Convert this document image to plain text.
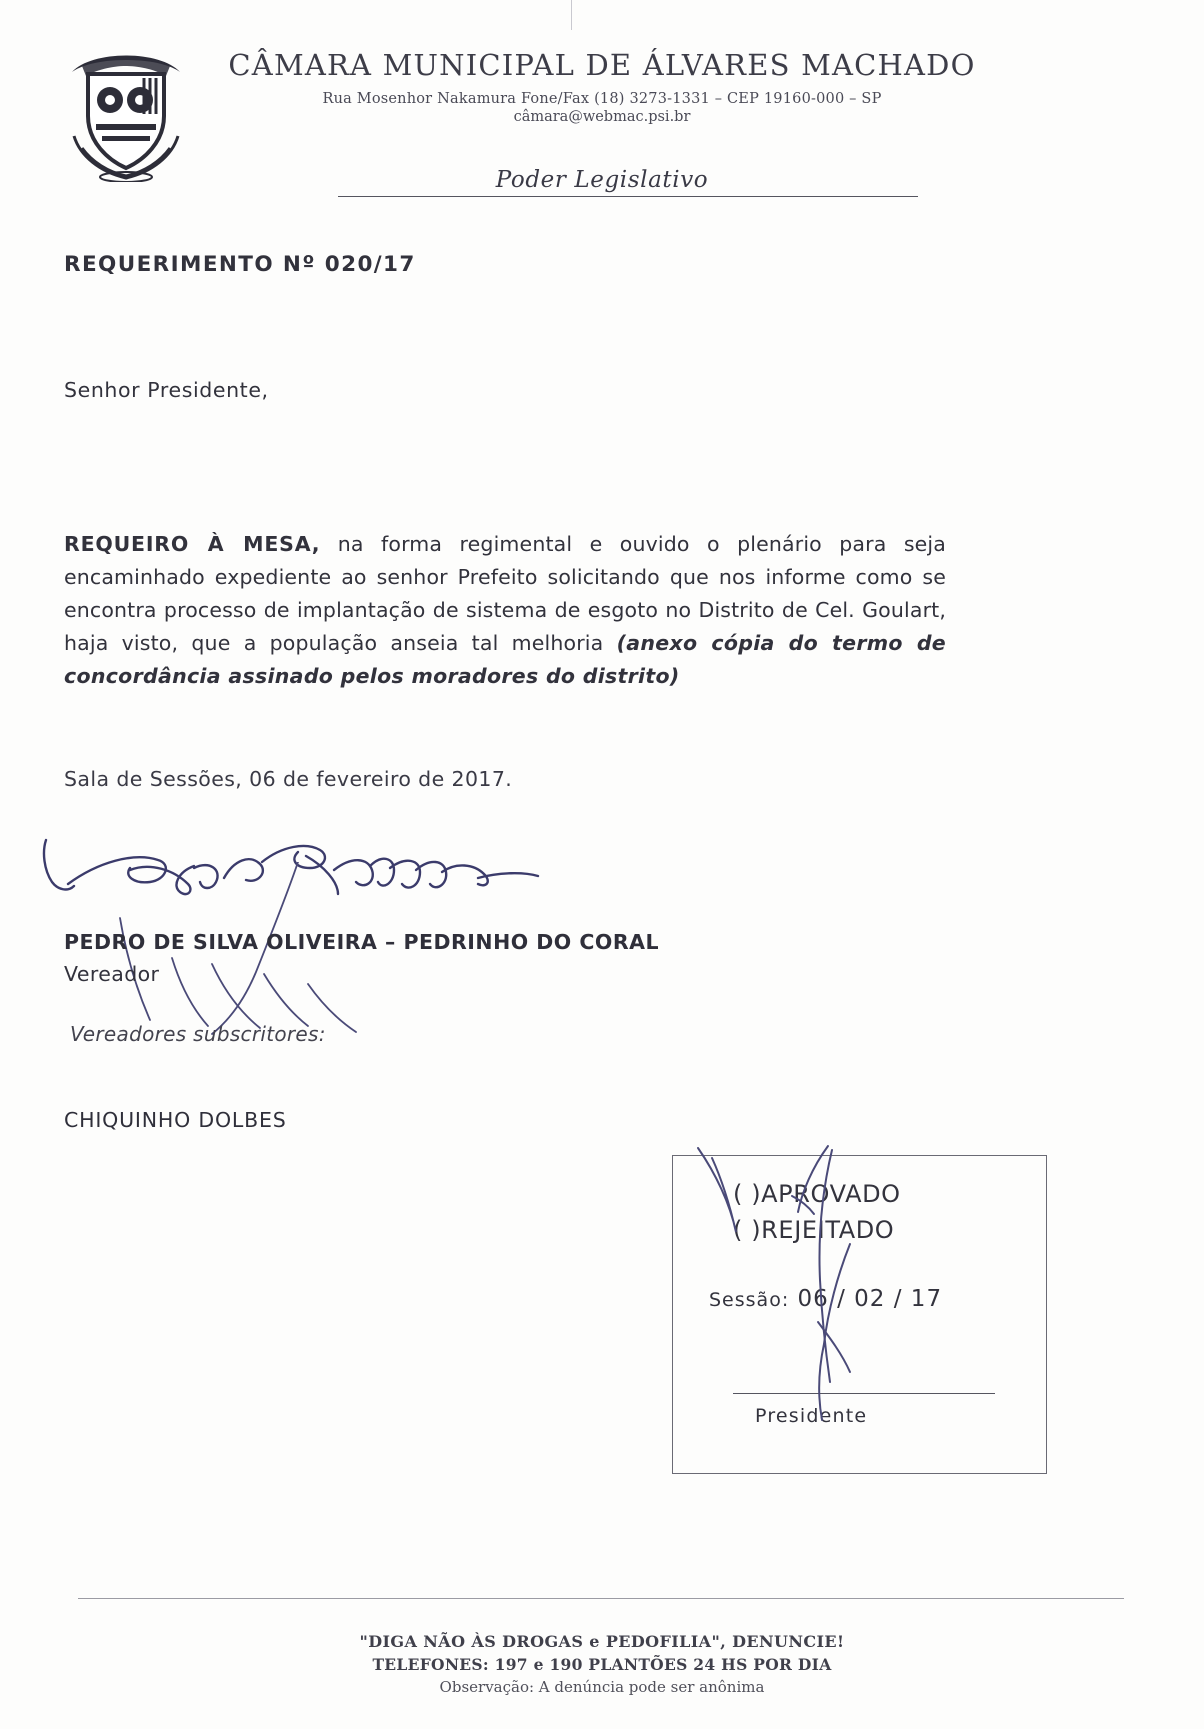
CÂMARA MUNICIPAL DE ÁLVARES MACHADO
Rua Mosenhor Nakamura Fone/Fax (18) 3273-1331 – CEP 19160-000 – SP
câmara@webmac.psi.br
Poder Legislativo
REQUERIMENTO Nº 020/17
Senhor Presidente,
REQUEIRO À MESA, na forma regimental e ouvido o plenário para seja encaminhado expediente ao senhor Prefeito solicitando que nos informe como se encontra processo de implantação de sistema de esgoto no Distrito de Cel. Goulart, haja visto, que a população anseia tal melhoria (anexo cópia do termo de concordância assinado pelos moradores do distrito)
Sala de Sessões, 06 de fevereiro de 2017.
PEDRO DE SILVA OLIVEIRA – PEDRINHO DO CORAL
Vereador
Vereadores subscritores:
CHIQUINHO DOLBES
( )APROVADO
( )REJEITADO
Sessão: 06 / 02 / 17
Presidente
"DIGA NÃO ÀS DROGAS e PEDOFILIA", DENUNCIE!
TELEFONES: 197 e 190 PLANTÕES 24 HS POR DIA
Observação: A denúncia pode ser anônima
